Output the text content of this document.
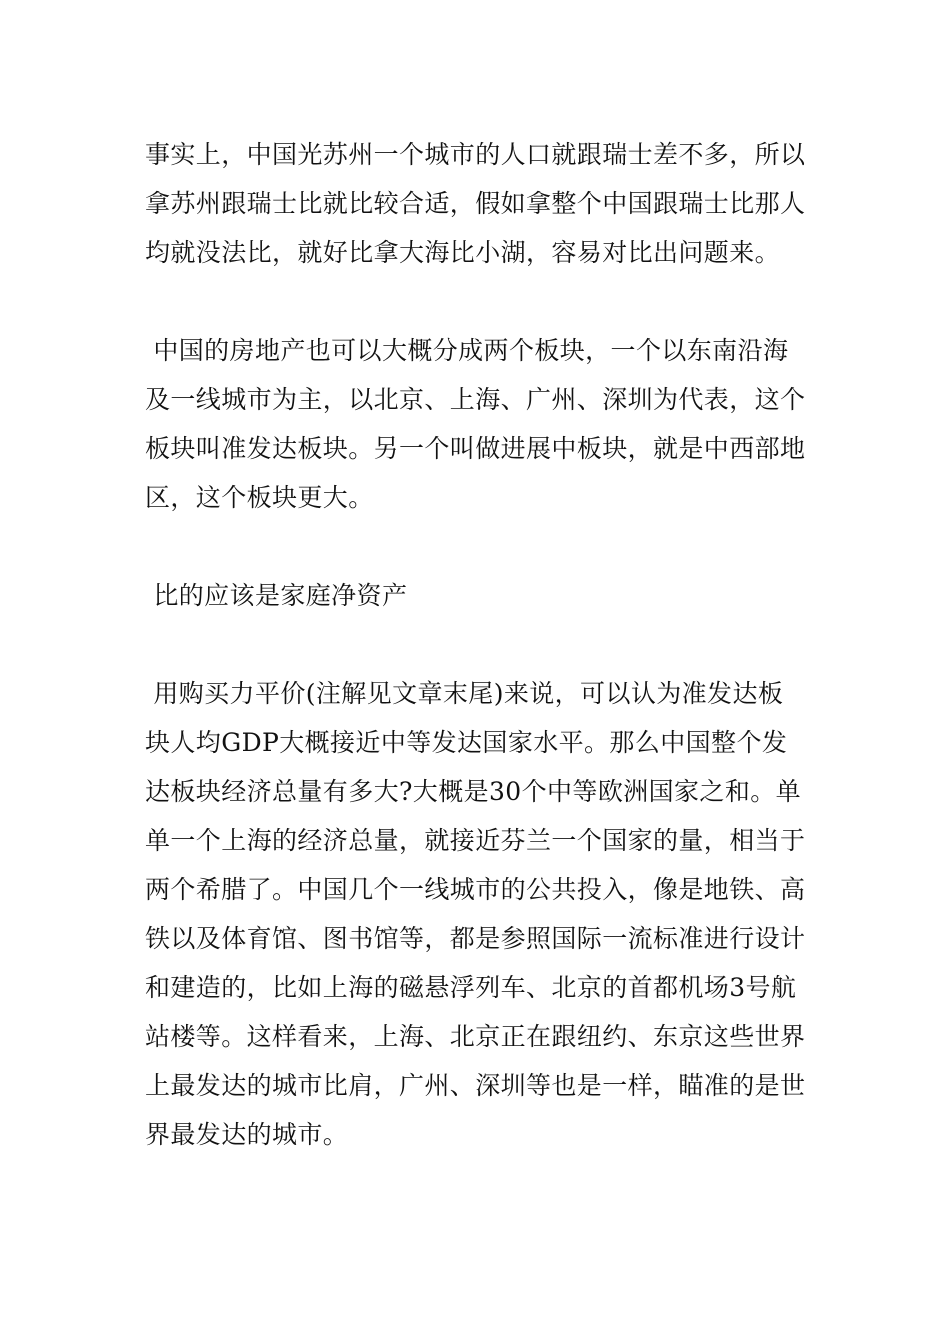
事实上，中国光苏州一个城市的人口就跟瑞士差不多，所以拿苏州跟瑞士比就比较合适，假如拿整个中国跟瑞士比那人均就没法比，就好比拿大海比小湖，容易对比出问题来。

中国的房地产也可以大概分成两个板块，一个以东南沿海及一线城市为主，以北京、上海、广州、深圳为代表，这个板块叫准发达板块。另一个叫做进展中板块，就是中西部地区，这个板块更大。

比的应该是家庭净资产

用购买力平价(注解见文章末尾)来说，可以认为准发达板块人均GDP大概接近中等发达国家水平。那么中国整个发达板块经济总量有多大?大概是30个中等欧洲国家之和。单单一个上海的经济总量，就接近芬兰一个国家的量，相当于两个希腊了。中国几个一线城市的公共投入，像是地铁、高铁以及体育馆、图书馆等，都是参照国际一流标准进行设计和建造的，比如上海的磁悬浮列车、北京的首都机场3号航站楼等。这样看来，上海、北京正在跟纽约、东京这些世界上最发达的城市比肩，广州、深圳等也是一样，瞄准的是世界最发达的城市。
